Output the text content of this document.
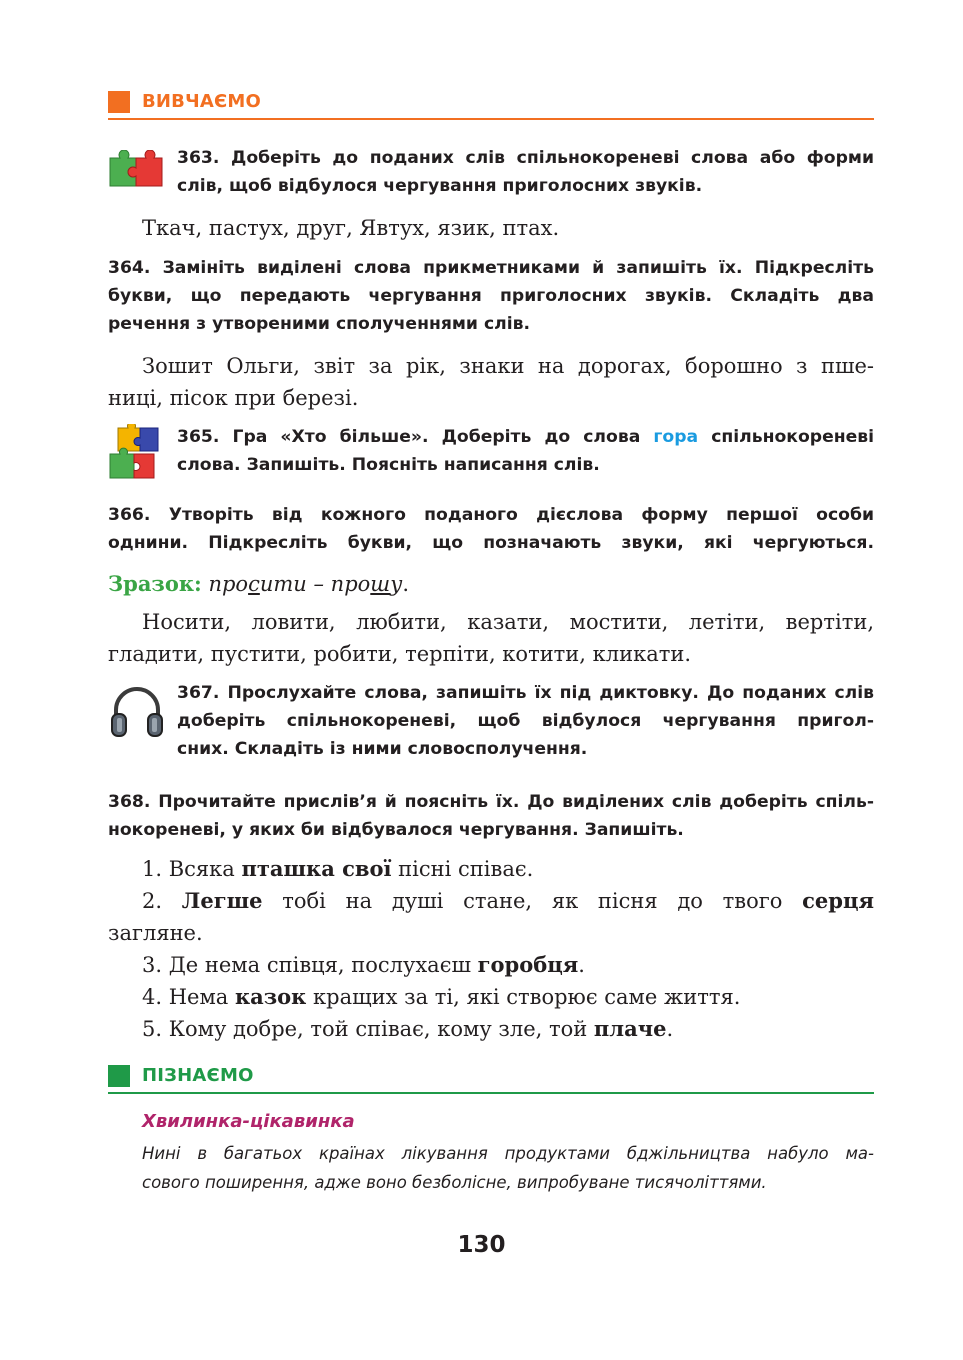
ВИВЧАЄМО
363. Доберіть до поданих слів спільнокореневі слова або форми
слів, щоб відбулося чергування приголосних звуків.
Ткач, пастух, друг, Явтух, язик, птах.
364. Замініть виділені слова прикметниками й запишіть їх. Підкресліть
букви, що передають чергування приголосних звуків. Складіть два
речення з утвореними сполученнями слів.
Зошит Ольги, звіт за рік, знаки на дорогах, борошно з пше-
ниці, пісок при березі.
365. Гра «Хто більше». Доберіть до слова гора спільнокореневі
слова. Запишіть. Поясніть написання слів.
366. Утворіть від кожного поданого дієслова форму першої особи
однини. Підкресліть букви, що позначають звуки, які чергуються.
Зразок: просити – прошу.
Носити, ловити, любити, казати, мостити, летіти, вертіти,
гладити, пустити, робити, терпіти, котити, кликати.
367. Прослухайте слова, запишіть їх під диктовку. До поданих слів
доберіть спільнокореневі, щоб відбулося чергування пригол-
сних. Складіть із ними словосполучення.
368. Прочитайте прислів’я й поясніть їх. До виділених слів доберіть спіль-
нокореневі, у яких би відбувалося чергування. Запишіть.
1. Всяка пташка свої пісні співає.
2. Легше тобі на душі стане, як пісня до твого серця
загляне.
3. Де нема співця, послухаєш горобця.
4. Нема казок кращих за ті, які створює саме життя.
5. Кому добре, той співає, кому зле, той плаче.
ПІЗНАЄМО
Хвилинка-цікавинка
Нині в багатьох країнах лікування продуктами бджільництва набуло ма-
сового поширення, адже воно безболісне, випробуване тисячоліттями.
130
